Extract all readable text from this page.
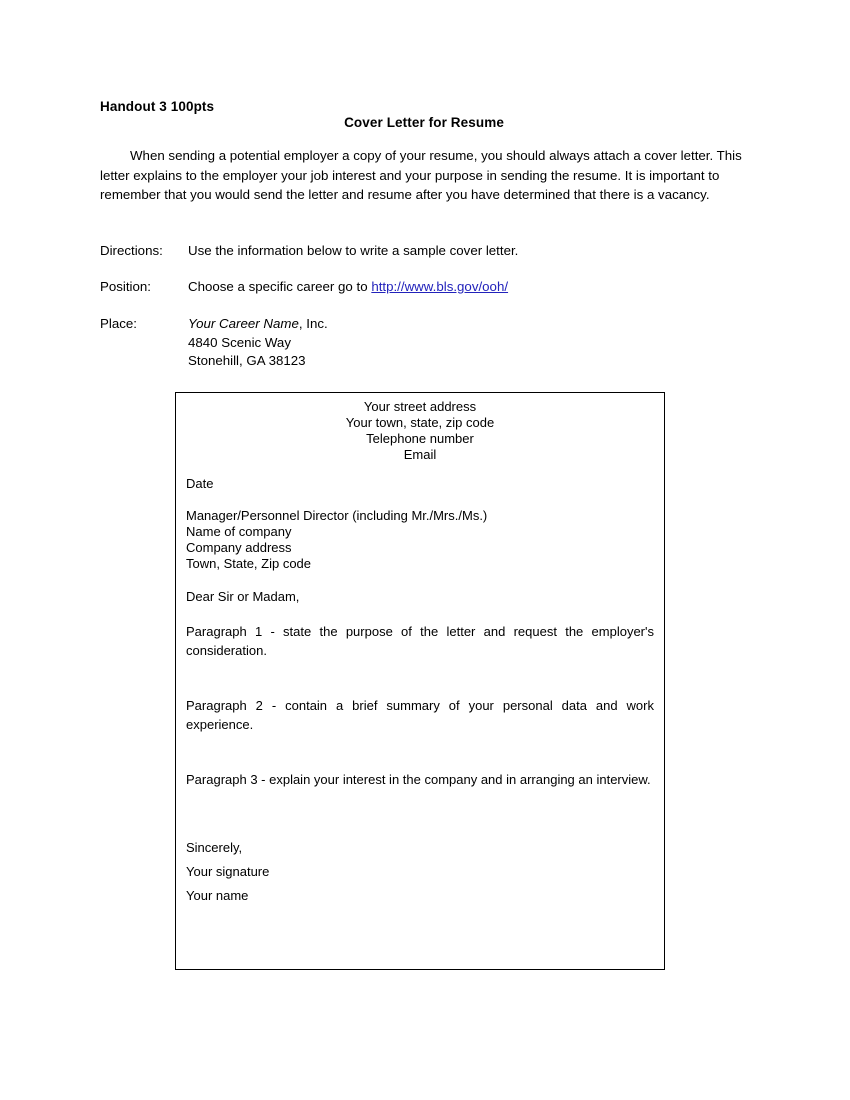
Handout 3 100pts
Cover Letter for Resume
When sending a potential employer a copy of your resume, you should always attach a cover letter. This letter explains to the employer your job interest and your purpose in sending the resume. It is important to remember that you would send the letter and resume after you have determined that there is a vacancy.
Directions: Use the information below to write a sample cover letter.
Position:	Choose a specific career go to http://www.bls.gov/ooh/
Place:	Your Career Name, Inc.
4840 Scenic Way
Stonehill, GA 38123
Your street address
Your town, state, zip code
Telephone number
Email
Date
Manager/Personnel Director (including Mr./Mrs./Ms.)
Name of company
Company address
Town, State, Zip code
Dear Sir or Madam,
Paragraph 1 - state the purpose of the letter and request the employer's consideration.
Paragraph 2 - contain a brief summary of your personal data and work experience.
Paragraph 3 - explain your interest in the company and in arranging an interview.
Sincerely,
Your signature
Your name
